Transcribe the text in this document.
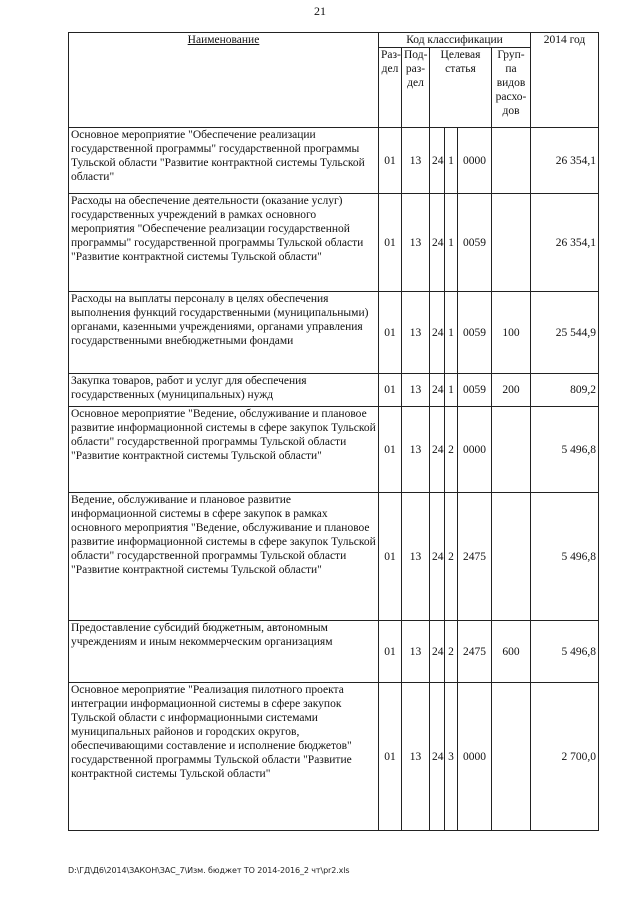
21
Наименование	Код классификации						2014 год
	Раз-дел	Под-раз-дел	Целевая статья			Груп-па видов расхо-дов	
Основное мероприятие "Обеспечение реализации государственной программы" государственной программы Тульской области "Развитие контрактной системы Тульской области"	01	13	24	1	0000		26 354,1
Расходы на обеспечение деятельности (оказание услуг) государственных учреждений в рамках основного мероприятия "Обеспечение реализации государственной программы" государственной программы Тульской области "Развитие контрактной системы Тульской области"	01	13	24	1	0059		26 354,1
Расходы на выплаты персоналу в целях обеспечения выполнения функций государственными (муниципальными) органами, казенными учреждениями, органами управления государственными внебюджетными фондами	01	13	24	1	0059	100	25 544,9
Закупка товаров, работ и услуг для обеспечения государственных (муниципальных) нужд	01	13	24	1	0059	200	809,2
Основное мероприятие "Ведение, обслуживание и плановое развитие информационной системы в сфере закупок Тульской области" государственной программы Тульской области "Развитие контрактной системы Тульской области"	01	13	24	2	0000		5 496,8
Ведение, обслуживание и плановое развитие информационной системы в сфере закупок в рамках основного мероприятия "Ведение, обслуживание и плановое развитие информационной системы в сфере закупок Тульской области" государственной программы Тульской области "Развитие контрактной системы Тульской области"	01	13	24	2	2475		5 496,8
Предоставление субсидий бюджетным, автономным учреждениям и иным некоммерческим организациям	01	13	24	2	2475	600	5 496,8
Основное мероприятие "Реализация пилотного проекта интеграции информационной системы в сфере закупок Тульской области с информационными системами муниципальных районов и городских округов, обеспечивающими составление и исполнение бюджетов" государственной программы Тульской области "Развитие контрактной системы Тульской области"	01	13	24	3	0000		2 700,0
D:\ГД\Д6\2014\ЗАКОН\ЗАС_7\Изм. бюджет ТО 2014-2016_2 чт\pr2.xls
